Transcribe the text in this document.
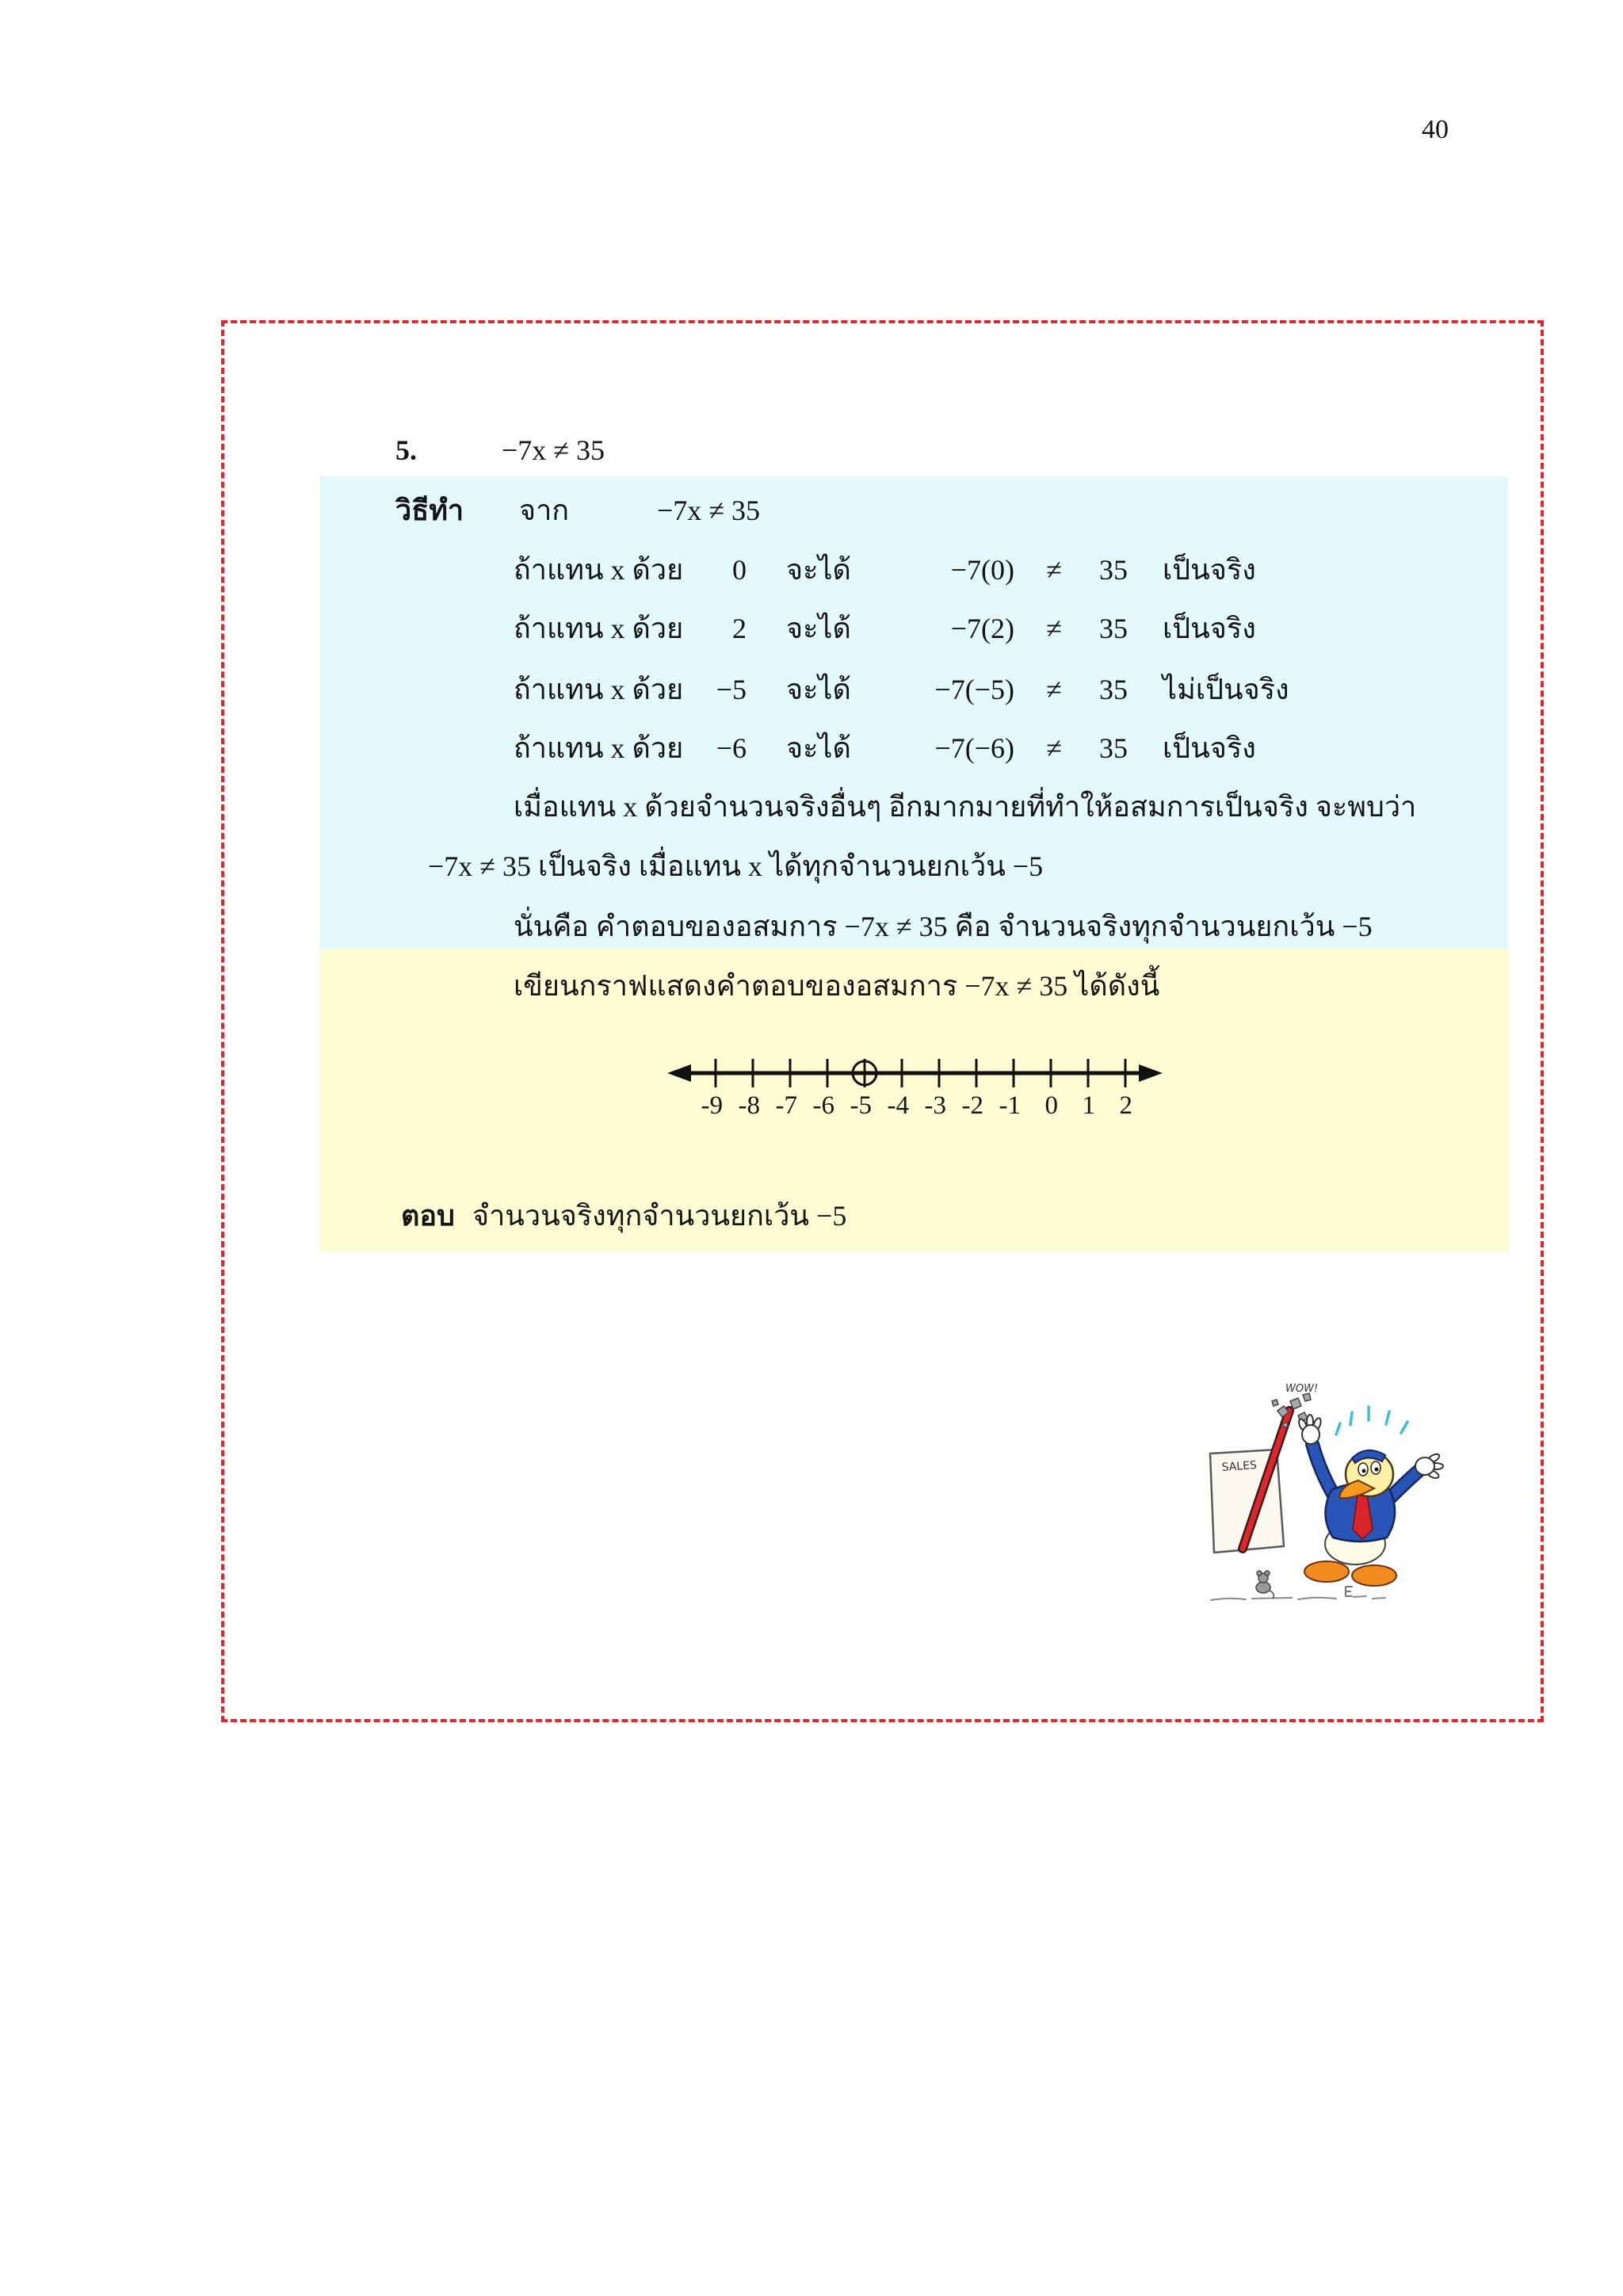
40
5.	−7x ≠ 35
วิธีทำ จาก	−7x ≠ 35
ถ้าแทน x ด้วย	0 จะได้	−7(0) ≠ 35 เป็นจริง
ถ้าแทน x ด้วย	2 จะได้	−7(2) ≠ 35 เป็นจริง
ถ้าแทน x ด้วย	−5 จะได้	−7(−5) ≠ 35 ไม่เป็นจริง
ถ้าแทน x ด้วย	−6 จะได้	−7(−6) ≠ 35 เป็นจริง
เมื่อแทน x ด้วยจำนวนจริงอื่นๆ อีกมากมายที่ทำให้อสมการเป็นจริง จะพบว่า
−7x ≠ 35 เป็นจริง เมื่อแทน x ได้ทุกจำนวนยกเว้น −5
นั่นคือ คำตอบของอสมการ −7x ≠ 35 คือ จำนวนจริงทุกจำนวนยกเว้น −5
เขียนกราฟแสดงคำตอบของอสมการ −7x ≠ 35 ได้ดังนี้
-9 -8 -7 -6 -5 -4 -3 -2 -1 0 1 2
ตอบ จำนวนจริงทุกจำนวนยกเว้น −5
SALES
WOW!
